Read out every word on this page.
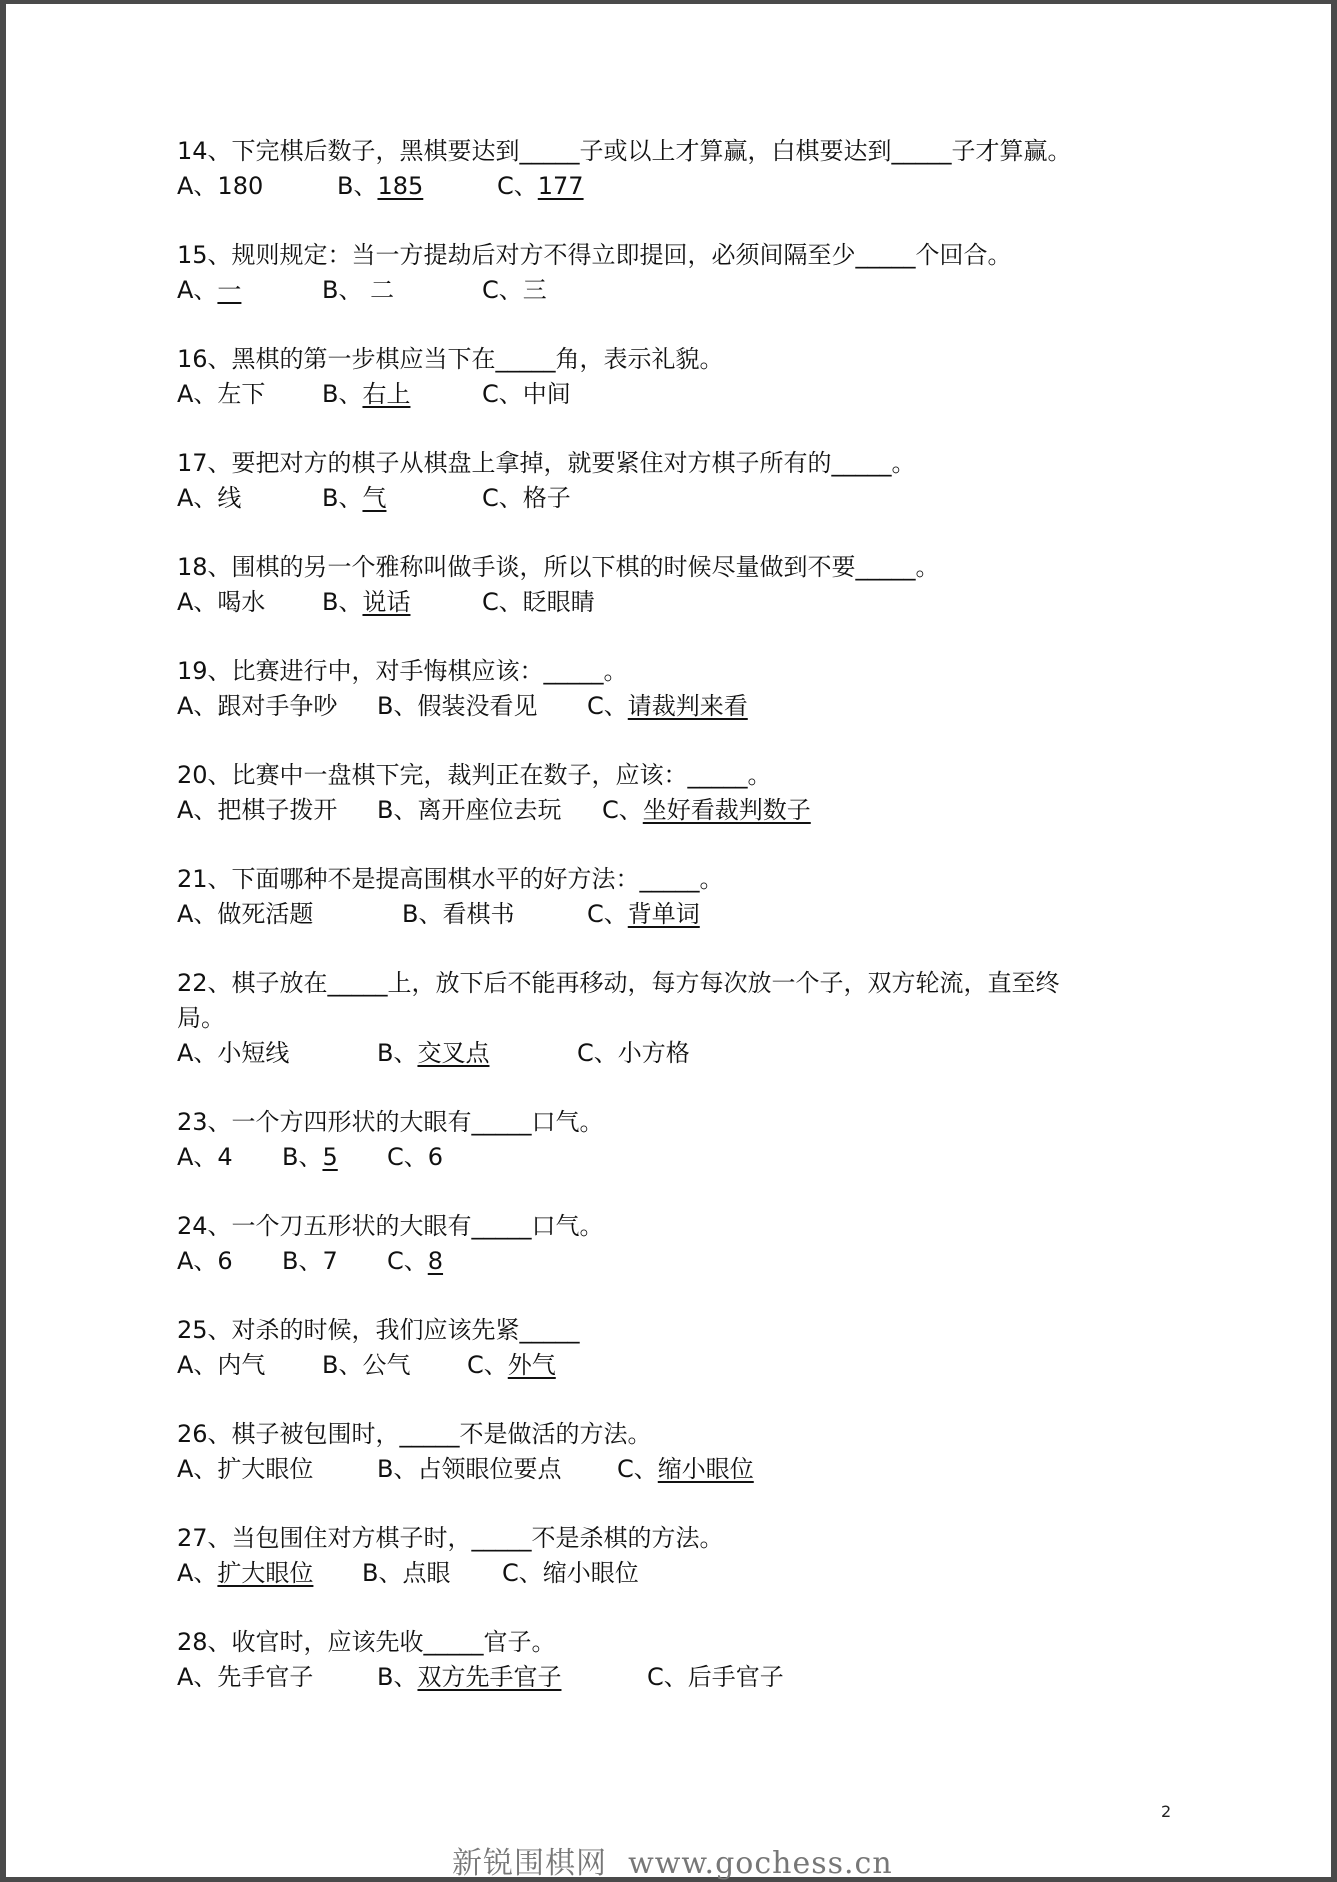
14、下完棋后数子，黑棋要达到_____子或以上才算赢，白棋要达到_____子才算赢。
A、180	B、185	C、177
15、规则规定：当一方提劫后对方不得立即提回，必须间隔至少_____个回合。
A、一	B、 二	C、三
16、黑棋的第一步棋应当下在_____角，表示礼貌。
A、左下 B、右上	C、中间
17、要把对方的棋子从棋盘上拿掉，就要紧住对方棋子所有的_____。
A、线	B、气	C、格子
18、围棋的另一个雅称叫做手谈，所以下棋的时候尽量做到不要_____。
A、喝水 B、说话	C、眨眼睛
19、比赛进行中，对手悔棋应该：_____。
A、跟对手争吵 B、假装没看见 C、请裁判来看
20、比赛中一盘棋下完，裁判正在数子，应该：_____。
A、把棋子拨开 B、离开座位去玩 C、坐好看裁判数子
21、下面哪种不是提高围棋水平的好方法：_____。
A、做死活题	B、看棋书	C、背单词
22、棋子放在_____上，放下后不能再移动，每方每次放一个子，双方轮流，直至终
局。
A、小短线	B、交叉点	C、小方格
23、一个方四形状的大眼有_____口气。
A、4 B、5 C、6
24、一个刀五形状的大眼有_____口气。
A、6 B、7 C、8
25、对杀的时候，我们应该先紧_____
A、内气 B、公气 C、外气
26、棋子被包围时，_____不是做活的方法。
A、扩大眼位	B、占领眼位要点 C、缩小眼位
27、当包围住对方棋子时，_____不是杀棋的方法。
A、扩大眼位 B、点眼 C、缩小眼位
28、收官时，应该先收_____官子。
A、先手官子	B、双方先手官子	C、后手官子
2
新锐围棋网  www.gochess.cn
